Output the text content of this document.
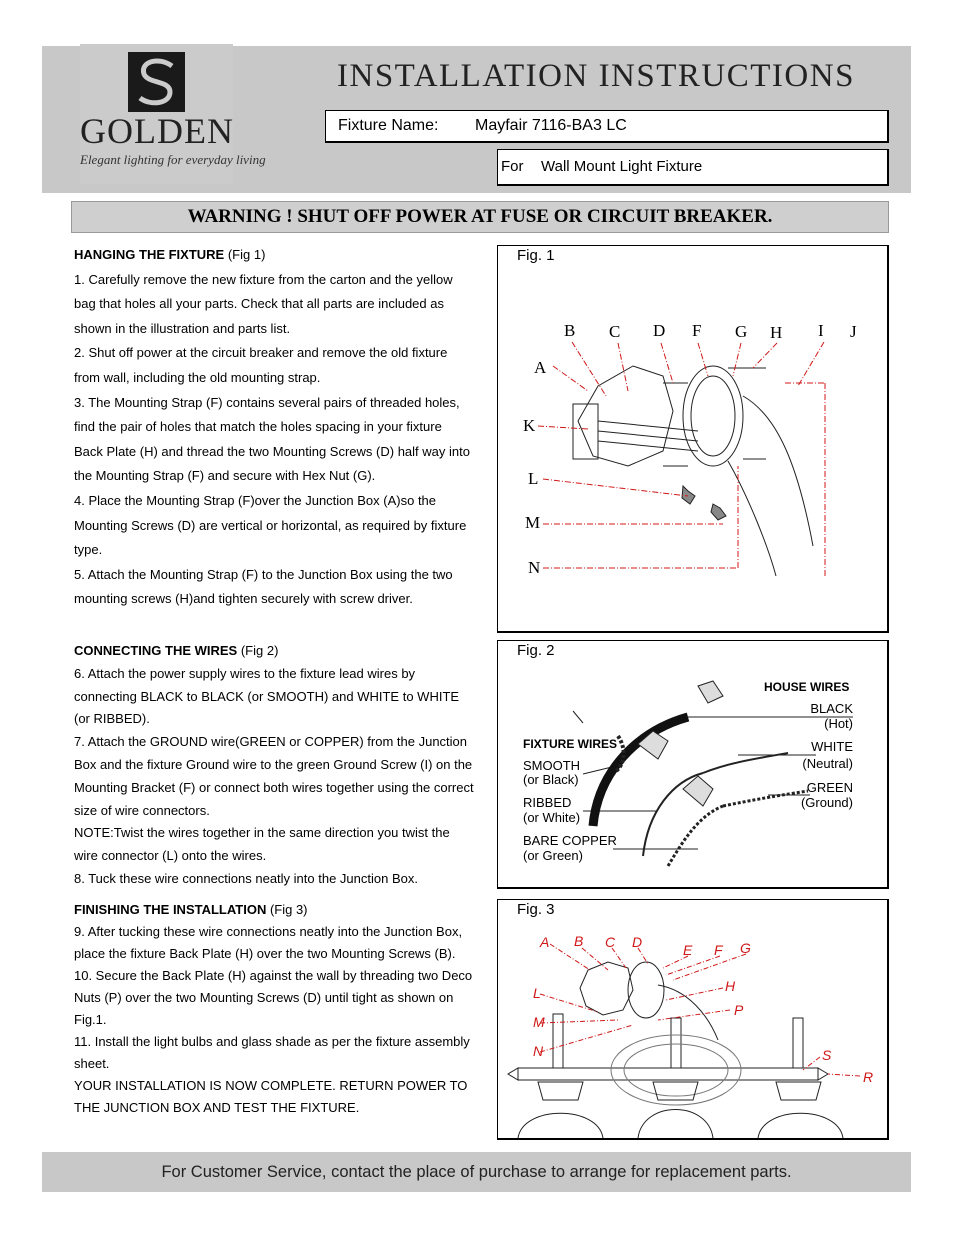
GOLDEN
Elegant lighting for everyday living
INSTALLATION INSTRUCTIONS
Fixture Name: Mayfair 7116-BA3 LC
For Wall Mount Light Fixture
WARNING ! SHUT OFF POWER AT FUSE OR CIRCUIT BREAKER.

HANGING THE FIXTURE (Fig 1)

1. Carefully remove the new fixture from the carton and the yellow bag that holes all your parts. Check that all parts are included as shown in the illustration and parts list.

2. Shut off power at the circuit breaker and remove the old fixture from wall, including the old mounting strap.

3. The Mounting Strap (F) contains several pairs of threaded holes, find the pair of holes that match the holes spacing in your fixture Back Plate (H) and thread the two Mounting Screws (D) half way into the Mounting Strap (F) and secure with Hex Nut (G).

4. Place the Mounting Strap (F)over the Junction Box (A)so the Mounting Screws (D) are vertical or horizontal, as required by fixture type.

5. Attach the Mounting Strap (F) to the Junction Box using the two mounting screws (H)and tighten securely with screw driver.

CONNECTING THE WIRES (Fig 2)

6. Attach the power supply wires to the fixture lead wires by connecting BLACK to BLACK (or SMOOTH) and WHITE to WHITE (or RIBBED).

7. Attach the GROUND wire(GREEN or COPPER) from the Junction Box and the fixture Ground wire to the green Ground Screw (I) on the Mounting Bracket (F) or connect both wires together using the correct size of wire connectors.

NOTE:Twist the wires together in the same direction you twist the wire connector (L) onto the wires.

8. Tuck these wire connections neatly into the Junction Box.

FINISHING THE INSTALLATION (Fig 3)

9. After tucking these wire connections neatly into the Junction Box, place the fixture Back Plate (H) over the two Mounting Screws (B).

10. Secure the Back Plate (H) against the wall by threading two Deco Nuts (P) over the two Mounting Screws (D) until tight as shown on Fig.1.

11. Install the light bulbs and glass shade as per the fixture assembly sheet.

YOUR INSTALLATION IS NOW COMPLETE. RETURN POWER TO THE JUNCTION BOX AND TEST THE FIXTURE.

Fig. 1
B C D F G H I J
A
K
L
M
N
Fig. 2
HOUSE WIRES
BLACK
(Hot)
WHITE
(Neutral)
GREEN
(Ground)
FIXTURE WIRES
SMOOTH
(or Black)
RIBBED
(or White)
BARE COPPER
(or Green)
Fig. 3
A B C D	E F G
H
P
L
M
N	S
R
For Customer Service, contact the place of purchase to arrange for replacement parts.
